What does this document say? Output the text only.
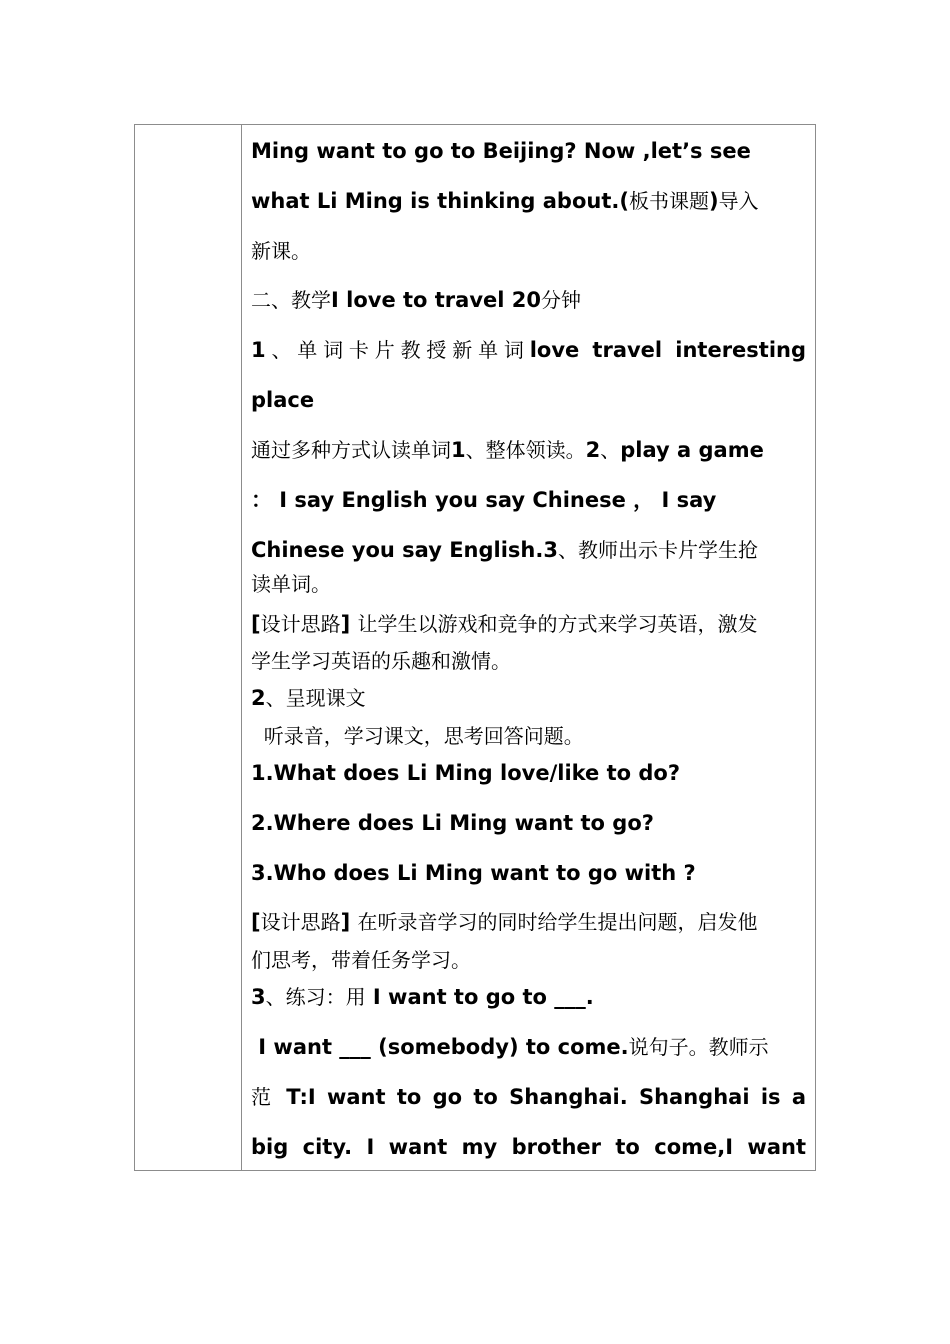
Ming want to go to Beijing? Now ,let’s see
what Li Ming is thinking about.(板书课题)导入
新课。
二、教学I love to travel 20分钟
1、单词卡片教授新单词love travel interesting
place
通过多种方式认读单词1、整体领读。2、play a game
： I say English you say Chinese ， I say
Chinese you say English.3、教师出示卡片学生抢
读单词。
[设计思路] 让学生以游戏和竞争的方式来学习英语，激发
学生学习英语的乐趣和激情。
2、呈现课文
听录音，学习课文，思考回答问题。
1.What does Li Ming love/like to do?
2.Where does Li Ming want to go?
3.Who does Li Ming want to go with ?
[设计思路] 在听录音学习的同时给学生提出问题，启发他
们思考，带着任务学习。
3、练习：用 I want to go to ___.
I want ___ (somebody) to come.说句子。教师示
范 T:I want to go to Shanghai. Shanghai is a
big city. I want my brother to come,I want
